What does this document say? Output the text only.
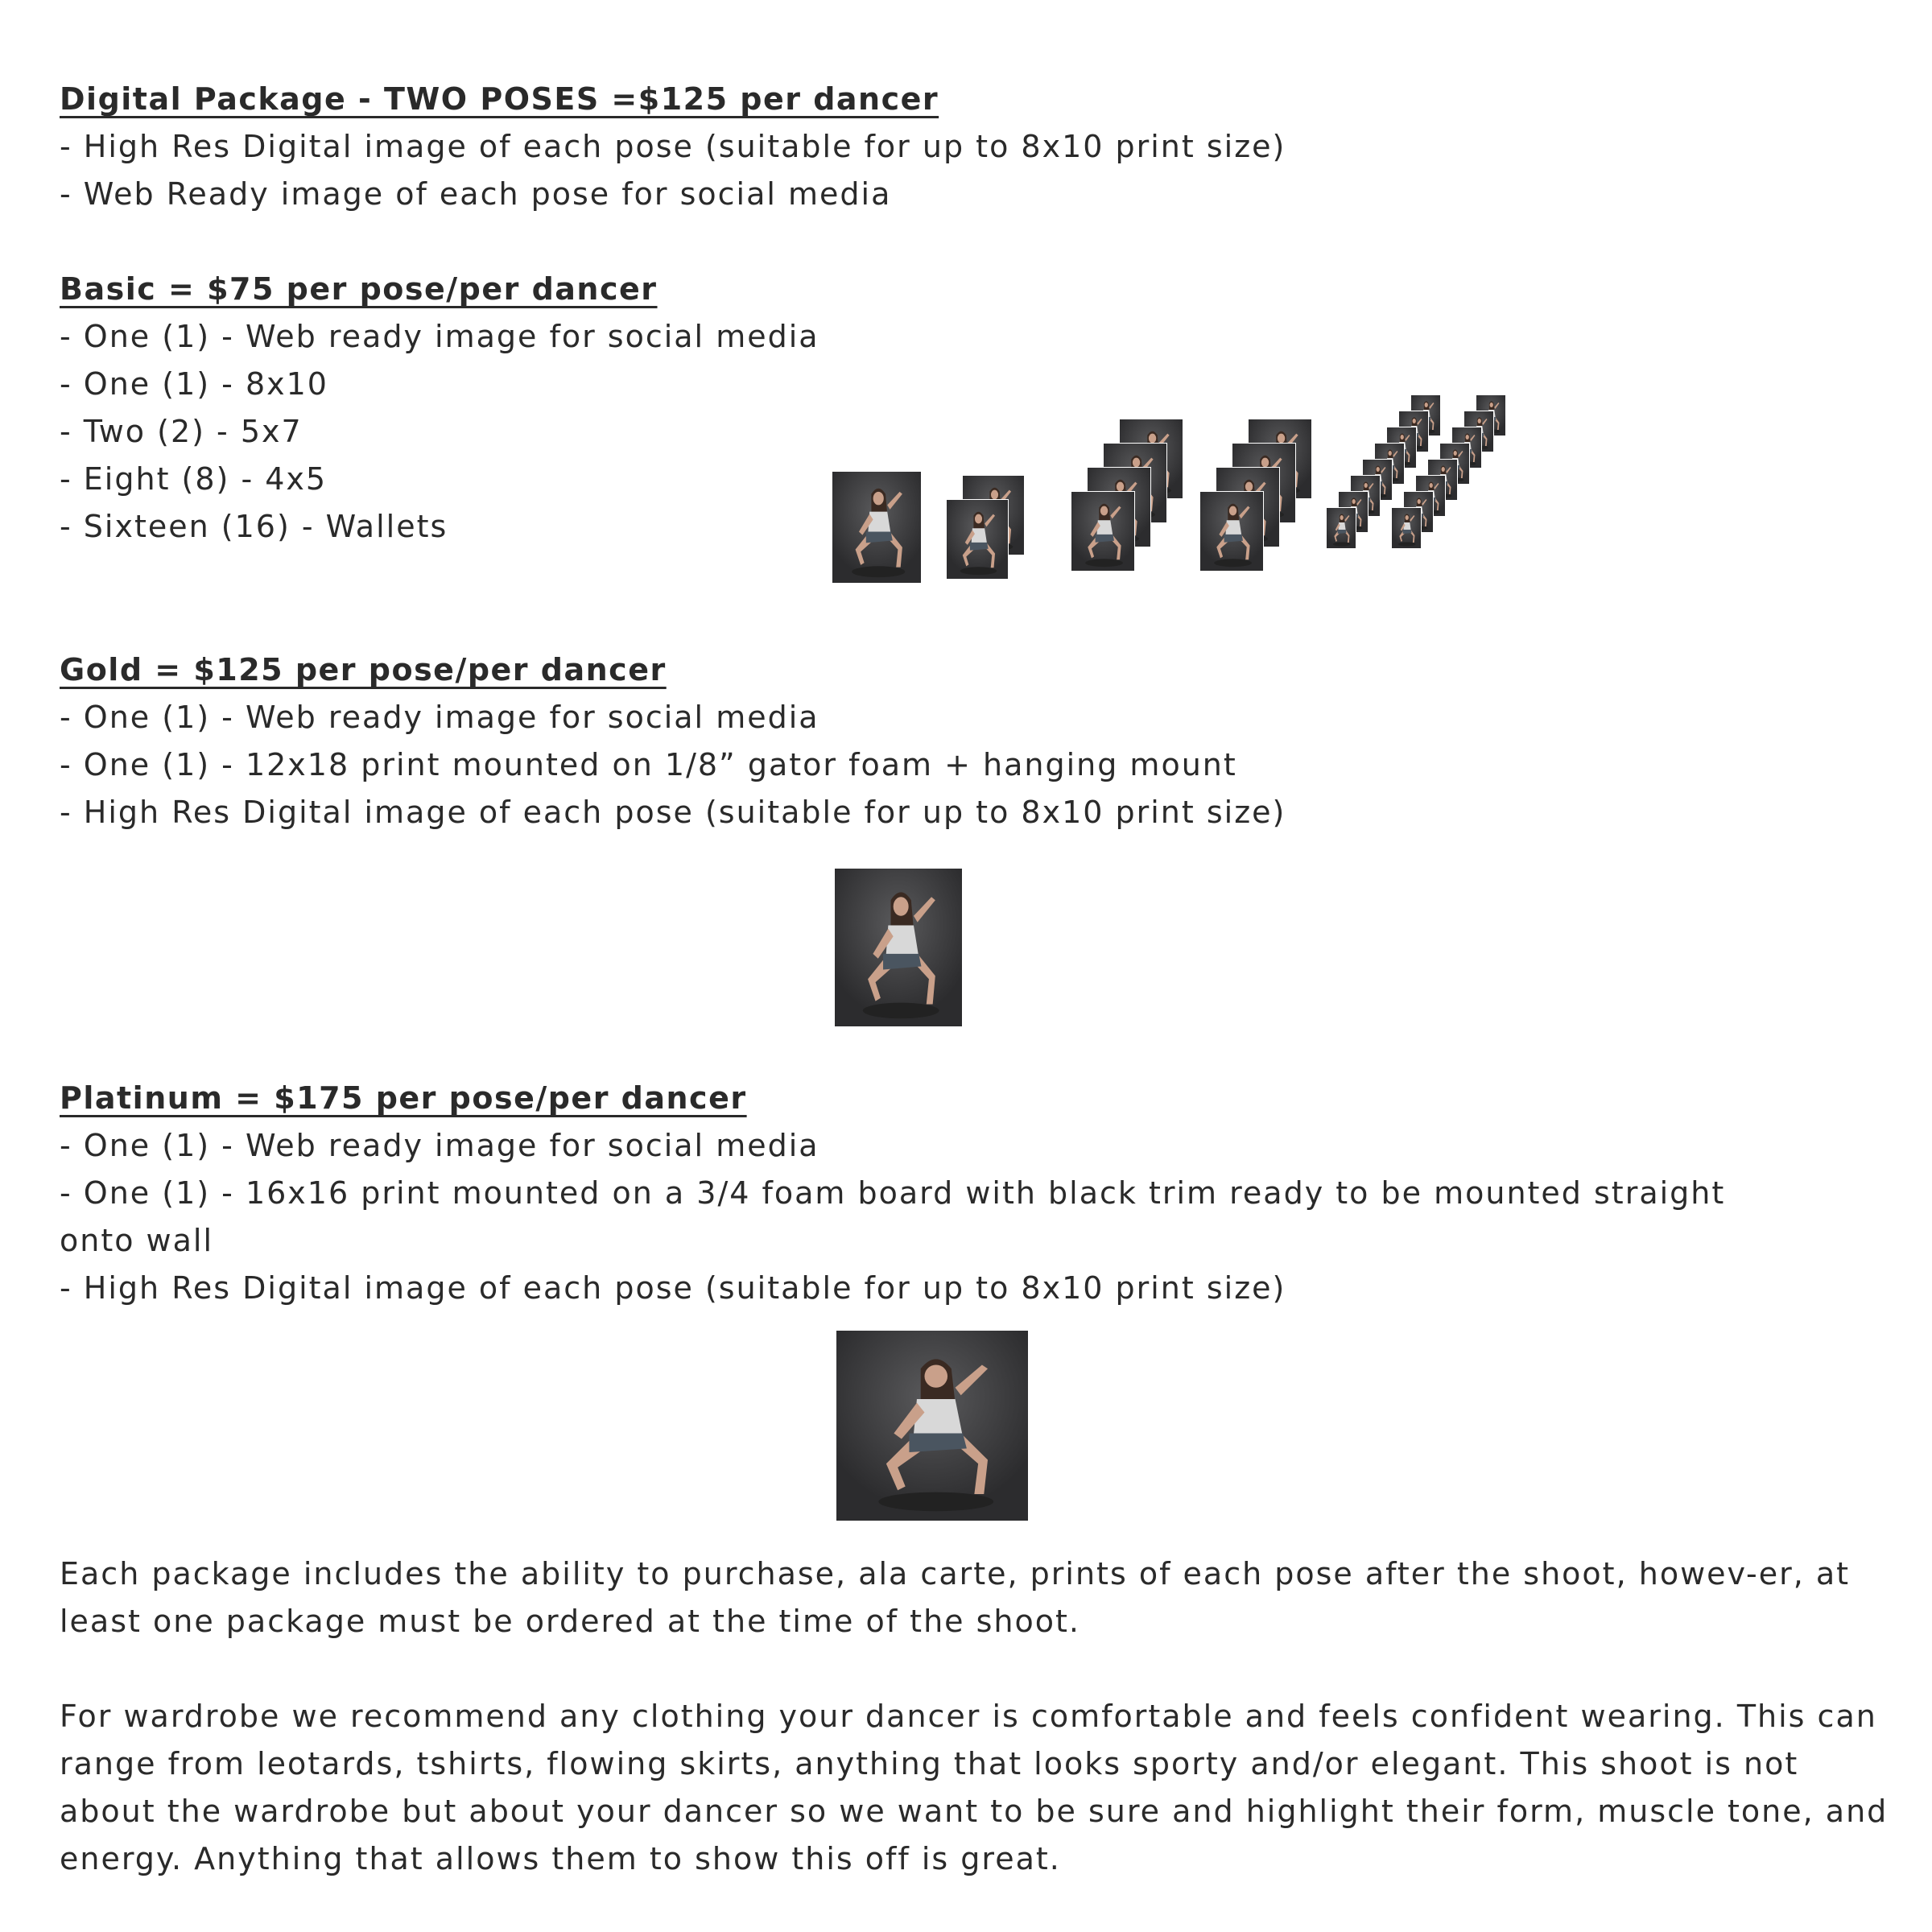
Digital Package - TWO POSES =$125 per dancer
- High Res Digital image of each pose (suitable for up to 8x10 print size)
- Web Ready image of each pose for social media
Basic = $75 per pose/per dancer
- One (1) - Web ready image for social media
- One (1) - 8x10
- Two (2) - 5x7
- Eight (8) - 4x5
- Sixteen (16) - Wallets
Gold = $125 per pose/per dancer
- One (1) - Web ready image for social media
- One (1) - 12x18 print mounted on 1/8” gator foam + hanging mount
- High Res Digital image of each pose (suitable for up to 8x10 print size)
Platinum = $175 per pose/per dancer
- One (1) - Web ready image for social media
- One (1) - 16x16 print mounted on a 3/4 foam board with black trim ready to be mounted straight
onto wall
- High Res Digital image of each pose (suitable for up to 8x10 print size)
Each package includes the ability to purchase, ala carte, prints of each pose after the shoot, howev-er, at least one package must be ordered at the time of the shoot.
For wardrobe we recommend any clothing your dancer is comfortable and feels confident wearing. This can range from leotards, tshirts, flowing skirts, anything that looks sporty and/or elegant. This shoot is not about the wardrobe but about your dancer so we want to be sure and highlight their form, muscle tone, and energy. Anything that allows them to show this off is great.
